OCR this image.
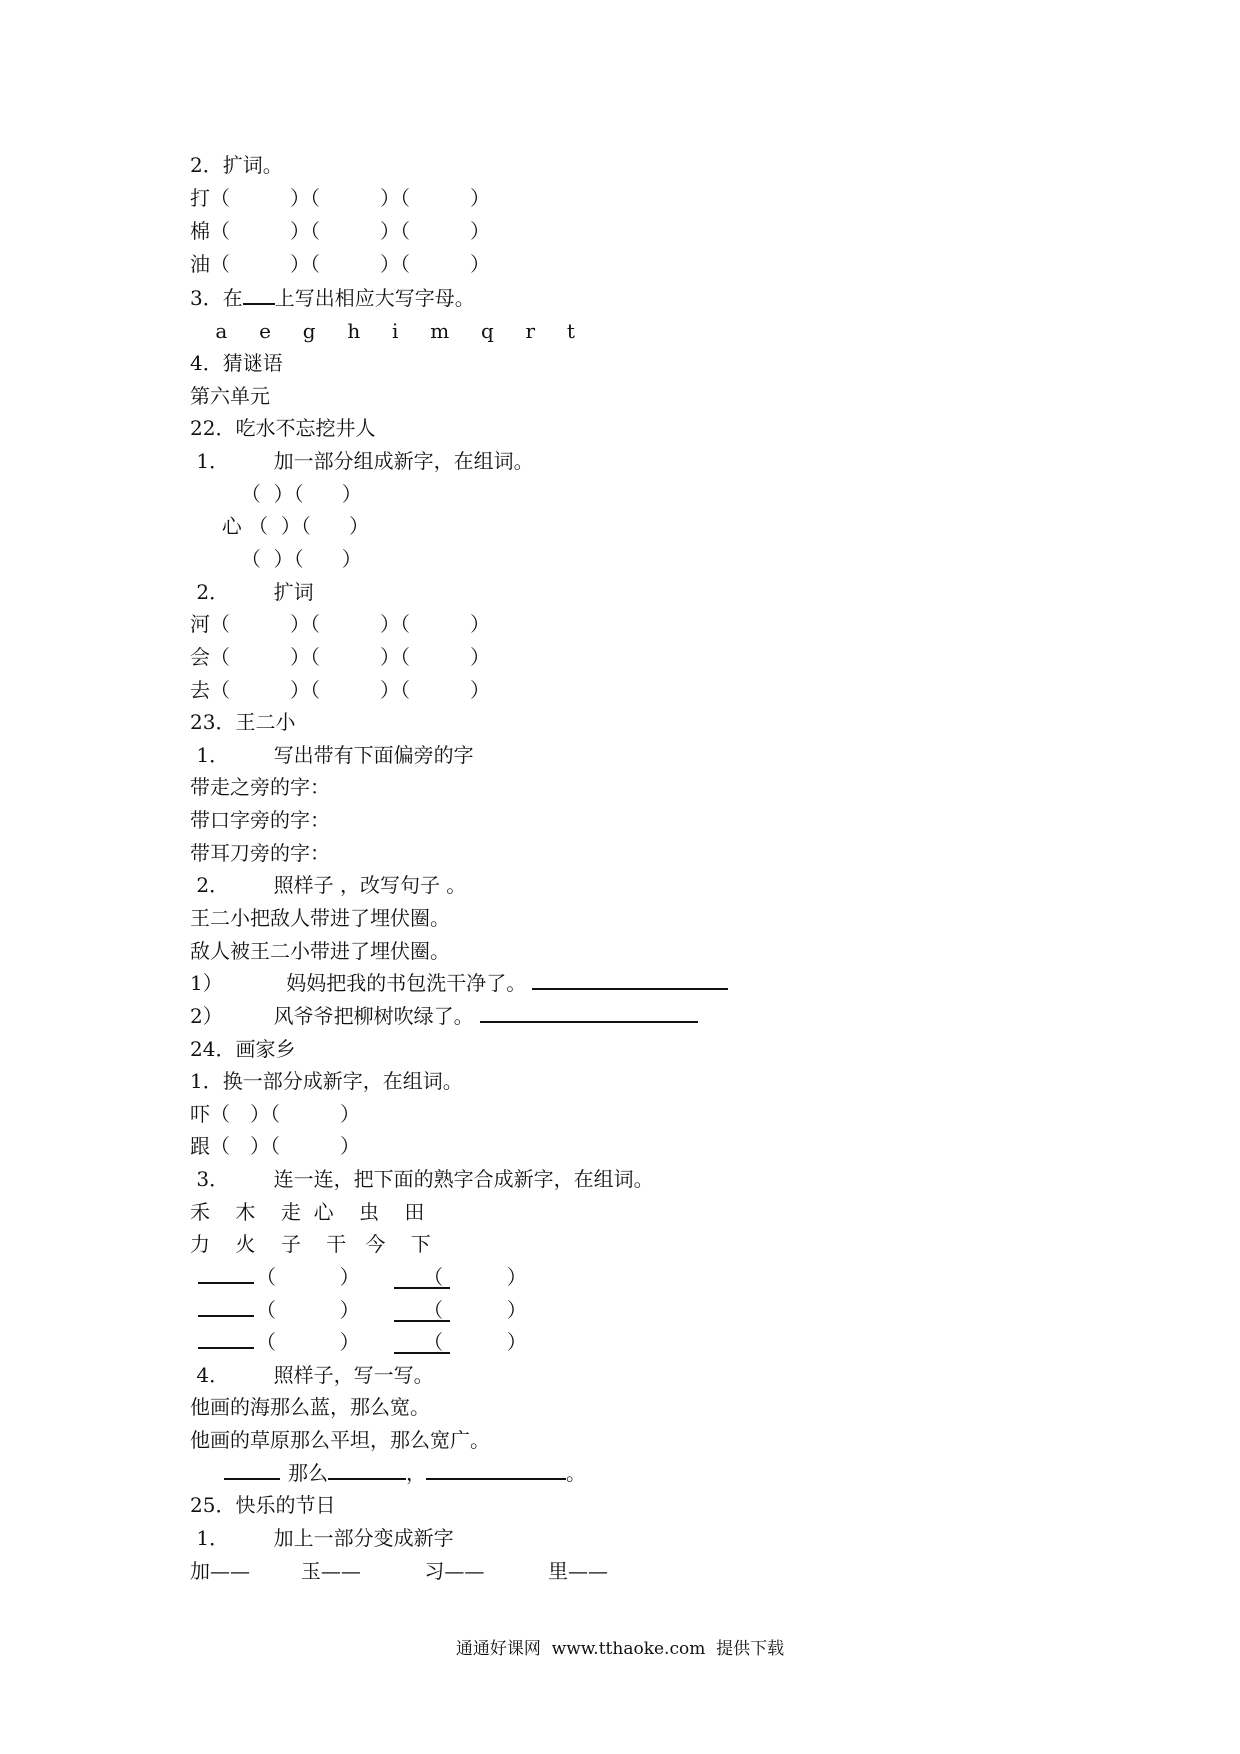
2．扩词。
打（　　　）（　　　）（　　　）
棉（　　　）（　　　）（　　　）
油（　　　）（　　　）（　　　）
3．在 上写出相应大写字母。
a     e     g     h     i     m     q     r     t
4．猜谜语
第六单元
22．吃水不忘挖井人
1．       加一部分组成新字，在组词。
（  ）（      ）
心 （  ）（      ）
（  ）（      ）
2．       扩词
河（　　　）（　　　）（　　　）
会（　　　）（　　　）（　　　）
去（　　　）（　　　）（　　　）
23．王二小
1．       写出带有下面偏旁的字
带走之旁的字：
带口字旁的字：
带耳刀旁的字：
2．       照样子 ，改写句子 。
王二小把敌人带进了埋伏圈。
敌人被王二小带进了埋伏圈。
1）          妈妈把我的书包洗干净了。
2）        风爷爷把柳树吹绿了。
24．画家乡
1．换一部分成新字，在组词。
吓（　）（　　　）
跟（　）（　　　）
3．       连一连，把下面的熟字合成新字，在组词。
禾    木    走  心    虫    田
力    火    子    干   今    下
（          ）          （          ）
（          ）          （          ）
（          ）          （          ）
4．       照样子，写一写。
他画的海那么蓝，那么宽。
他画的草原那么平坦，那么宽广。
那么	，	。
25．快乐的节日
1．       加上一部分变成新字
加——        玉——          习——          里——
通通好课网  www.tthaoke.com  提供下载
